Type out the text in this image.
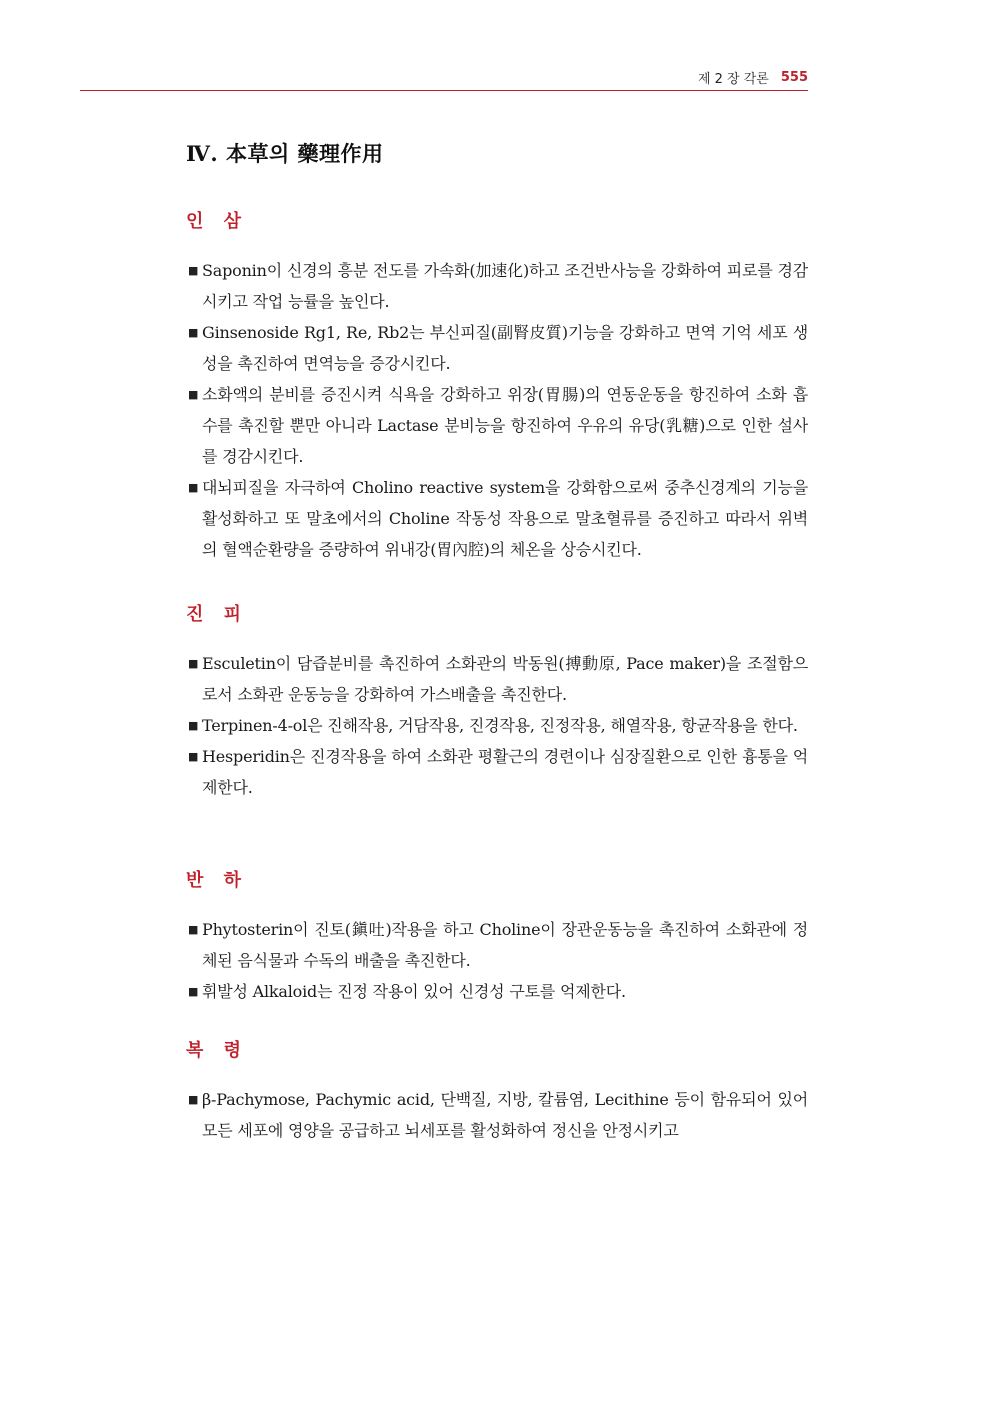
제 2 장 각론 555
Ⅳ. 本草의 藥理作用
인 삼
■ Saponin이 신경의 흥분 전도를 가속화(加速化)하고 조건반사능을 강화하여 피로를 경감시키고 작업 능률을 높인다.

■ Ginsenoside Rg1, Re, Rb2는 부신피질(副腎皮質)기능을 강화하고 면역 기억 세포 생성을 촉진하여 면역능을 증강시킨다.

■ 소화액의 분비를 증진시켜 식욕을 강화하고 위장(胃腸)의 연동운동을 항진하여 소화 흡수를 촉진할 뿐만 아니라 Lactase 분비능을 항진하여 우유의 유당(乳糖)으로 인한 설사를 경감시킨다.

■ 대뇌피질을 자극하여 Cholino reactive system을 강화함으로써 중추신경계의 기능을 활성화하고 또 말초에서의 Choline 작동성 작용으로 말초혈류를 증진하고 따라서 위벽의 혈액순환량을 증량하여 위내강(胃內腔)의 체온을 상승시킨다.

진 피
■ Esculetin이 담즙분비를 촉진하여 소화관의 박동원(搏動原, Pace maker)을 조절함으로서 소화관 운동능을 강화하여 가스배출을 촉진한다.

■ Terpinen-4-ol은 진해작용, 거담작용, 진경작용, 진정작용, 해열작용, 항균작용을 한다.

■ Hesperidin은 진경작용을 하여 소화관 평활근의 경련이나 심장질환으로 인한 흉통을 억제한다.

반 하
■ Phytosterin이 진토(鎭吐)작용을 하고 Choline이 장관운동능을 촉진하여 소화관에 정체된 음식물과 수독의 배출을 촉진한다.

■ 휘발성 Alkaloid는 진정 작용이 있어 신경성 구토를 억제한다.

복 령
■ β-Pachymose, Pachymic acid, 단백질, 지방, 칼륨염, Lecithine 등이 함유되어 있어 모든 세포에 영양을 공급하고 뇌세포를 활성화하여 정신을 안정시키고
